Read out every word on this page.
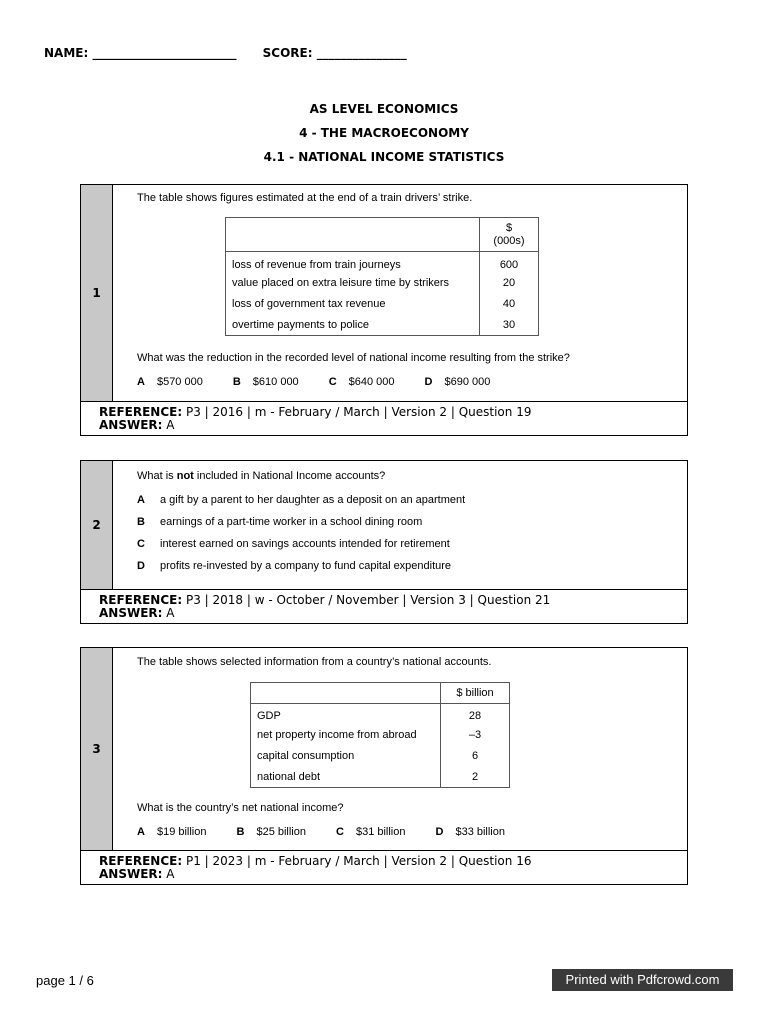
NAME: ________________________ SCORE: _______________
AS LEVEL ECONOMICS
4 - THE MACROECONOMY
4.1 - NATIONAL INCOME STATISTICS
1
The table shows figures estimated at the end of a train drivers’ strike.
	$
(000s)
loss of revenue from train journeys	600
value placed on extra leisure time by strikers	20
loss of government tax revenue	40
overtime payments to police	30
What was the reduction in the recorded level of national income resulting from the strike?
A $570 000	B $610 000	C $640 000	D $690 000
REFERENCE: P3 | 2016 | m - February / March | Version 2 | Question 19
ANSWER: A
2
What is not included in National Income accounts?
A	a gift by a parent to her daughter as a deposit on an apartment
B	earnings of a part-time worker in a school dining room
C	interest earned on savings accounts intended for retirement
D	profits re-invested by a company to fund capital expenditure
REFERENCE: P3 | 2018 | w - October / November | Version 3 | Question 21
ANSWER: A
3
The table shows selected information from a country’s national accounts.
	$ billion
GDP	28
net property income from abroad	–3
capital consumption	6
national debt	2
What is the country’s net national income?
A $19 billion	B $25 billion	C $31 billion	D $33 billion
REFERENCE: P1 | 2023 | m - February / March | Version 2 | Question 16
ANSWER: A
page 1 / 6	Printed with Pdfcrowd.com
